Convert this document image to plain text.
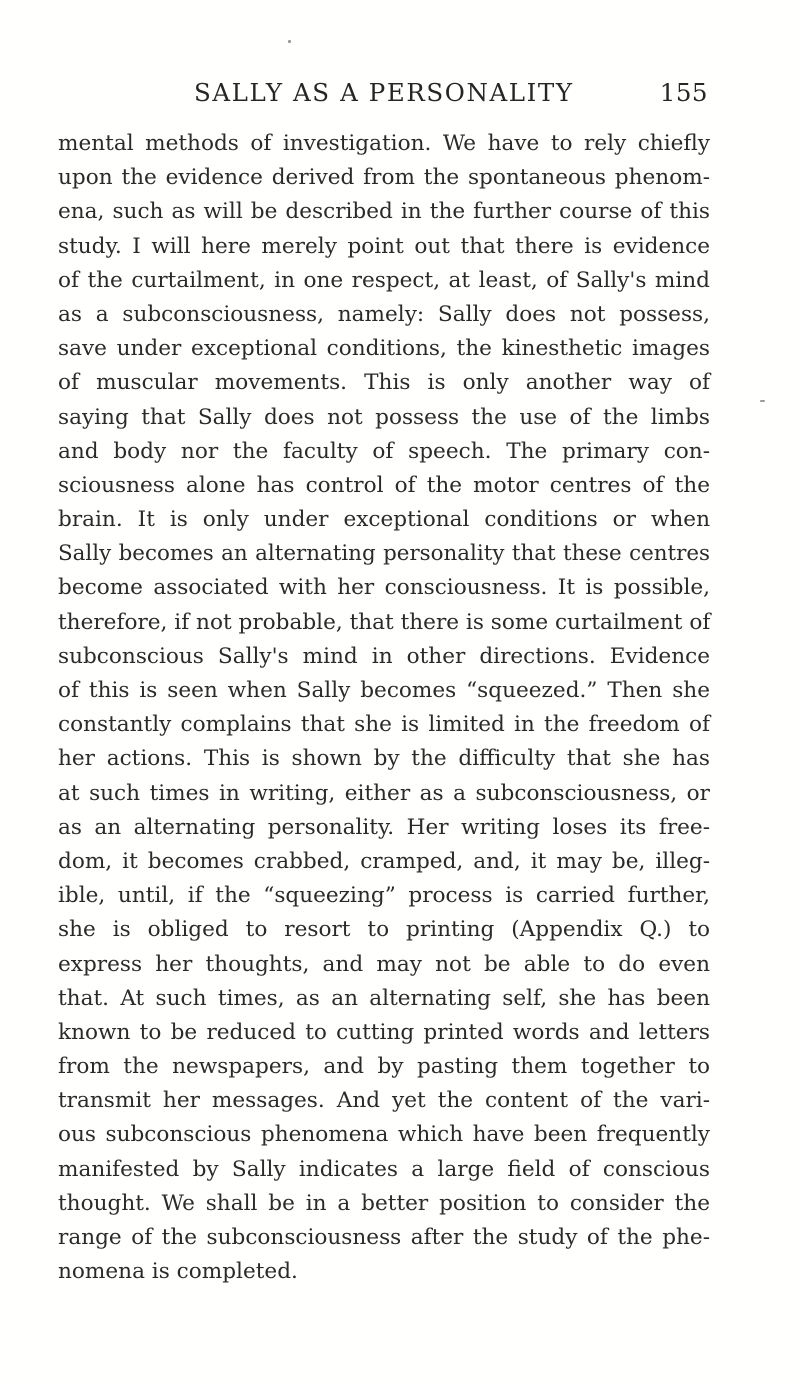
SALLY AS A PERSONALITY	155
mental methods of investigation. We have to rely chiefly
upon the evidence derived from the spontaneous phenom-
ena, such as will be described in the further course of this
study. I will here merely point out that there is evidence
of the curtailment, in one respect, at least, of Sally's mind
as a subconsciousness, namely: Sally does not possess,
save under exceptional conditions, the kinesthetic images
of muscular movements. This is only another way of
saying that Sally does not possess the use of the limbs
and body nor the faculty of speech. The primary con-
sciousness alone has control of the motor centres of the
brain. It is only under exceptional conditions or when
Sally becomes an alternating personality that these centres
become associated with her consciousness. It is possible,
therefore, if not probable, that there is some curtailment of
subconscious Sally's mind in other directions. Evidence
of this is seen when Sally becomes “squeezed.” Then she
constantly complains that she is limited in the freedom of
her actions. This is shown by the difficulty that she has
at such times in writing, either as a subconsciousness, or
as an alternating personality. Her writing loses its free-
dom, it becomes crabbed, cramped, and, it may be, illeg-
ible, until, if the “squeezing” process is carried further,
she is obliged to resort to printing (Appendix Q.) to
express her thoughts, and may not be able to do even
that. At such times, as an alternating self, she has been
known to be reduced to cutting printed words and letters
from the newspapers, and by pasting them together to
transmit her messages. And yet the content of the vari-
ous subconscious phenomena which have been frequently
manifested by Sally indicates a large field of conscious
thought. We shall be in a better position to consider the
range of the subconsciousness after the study of the phe-
nomena is completed.
